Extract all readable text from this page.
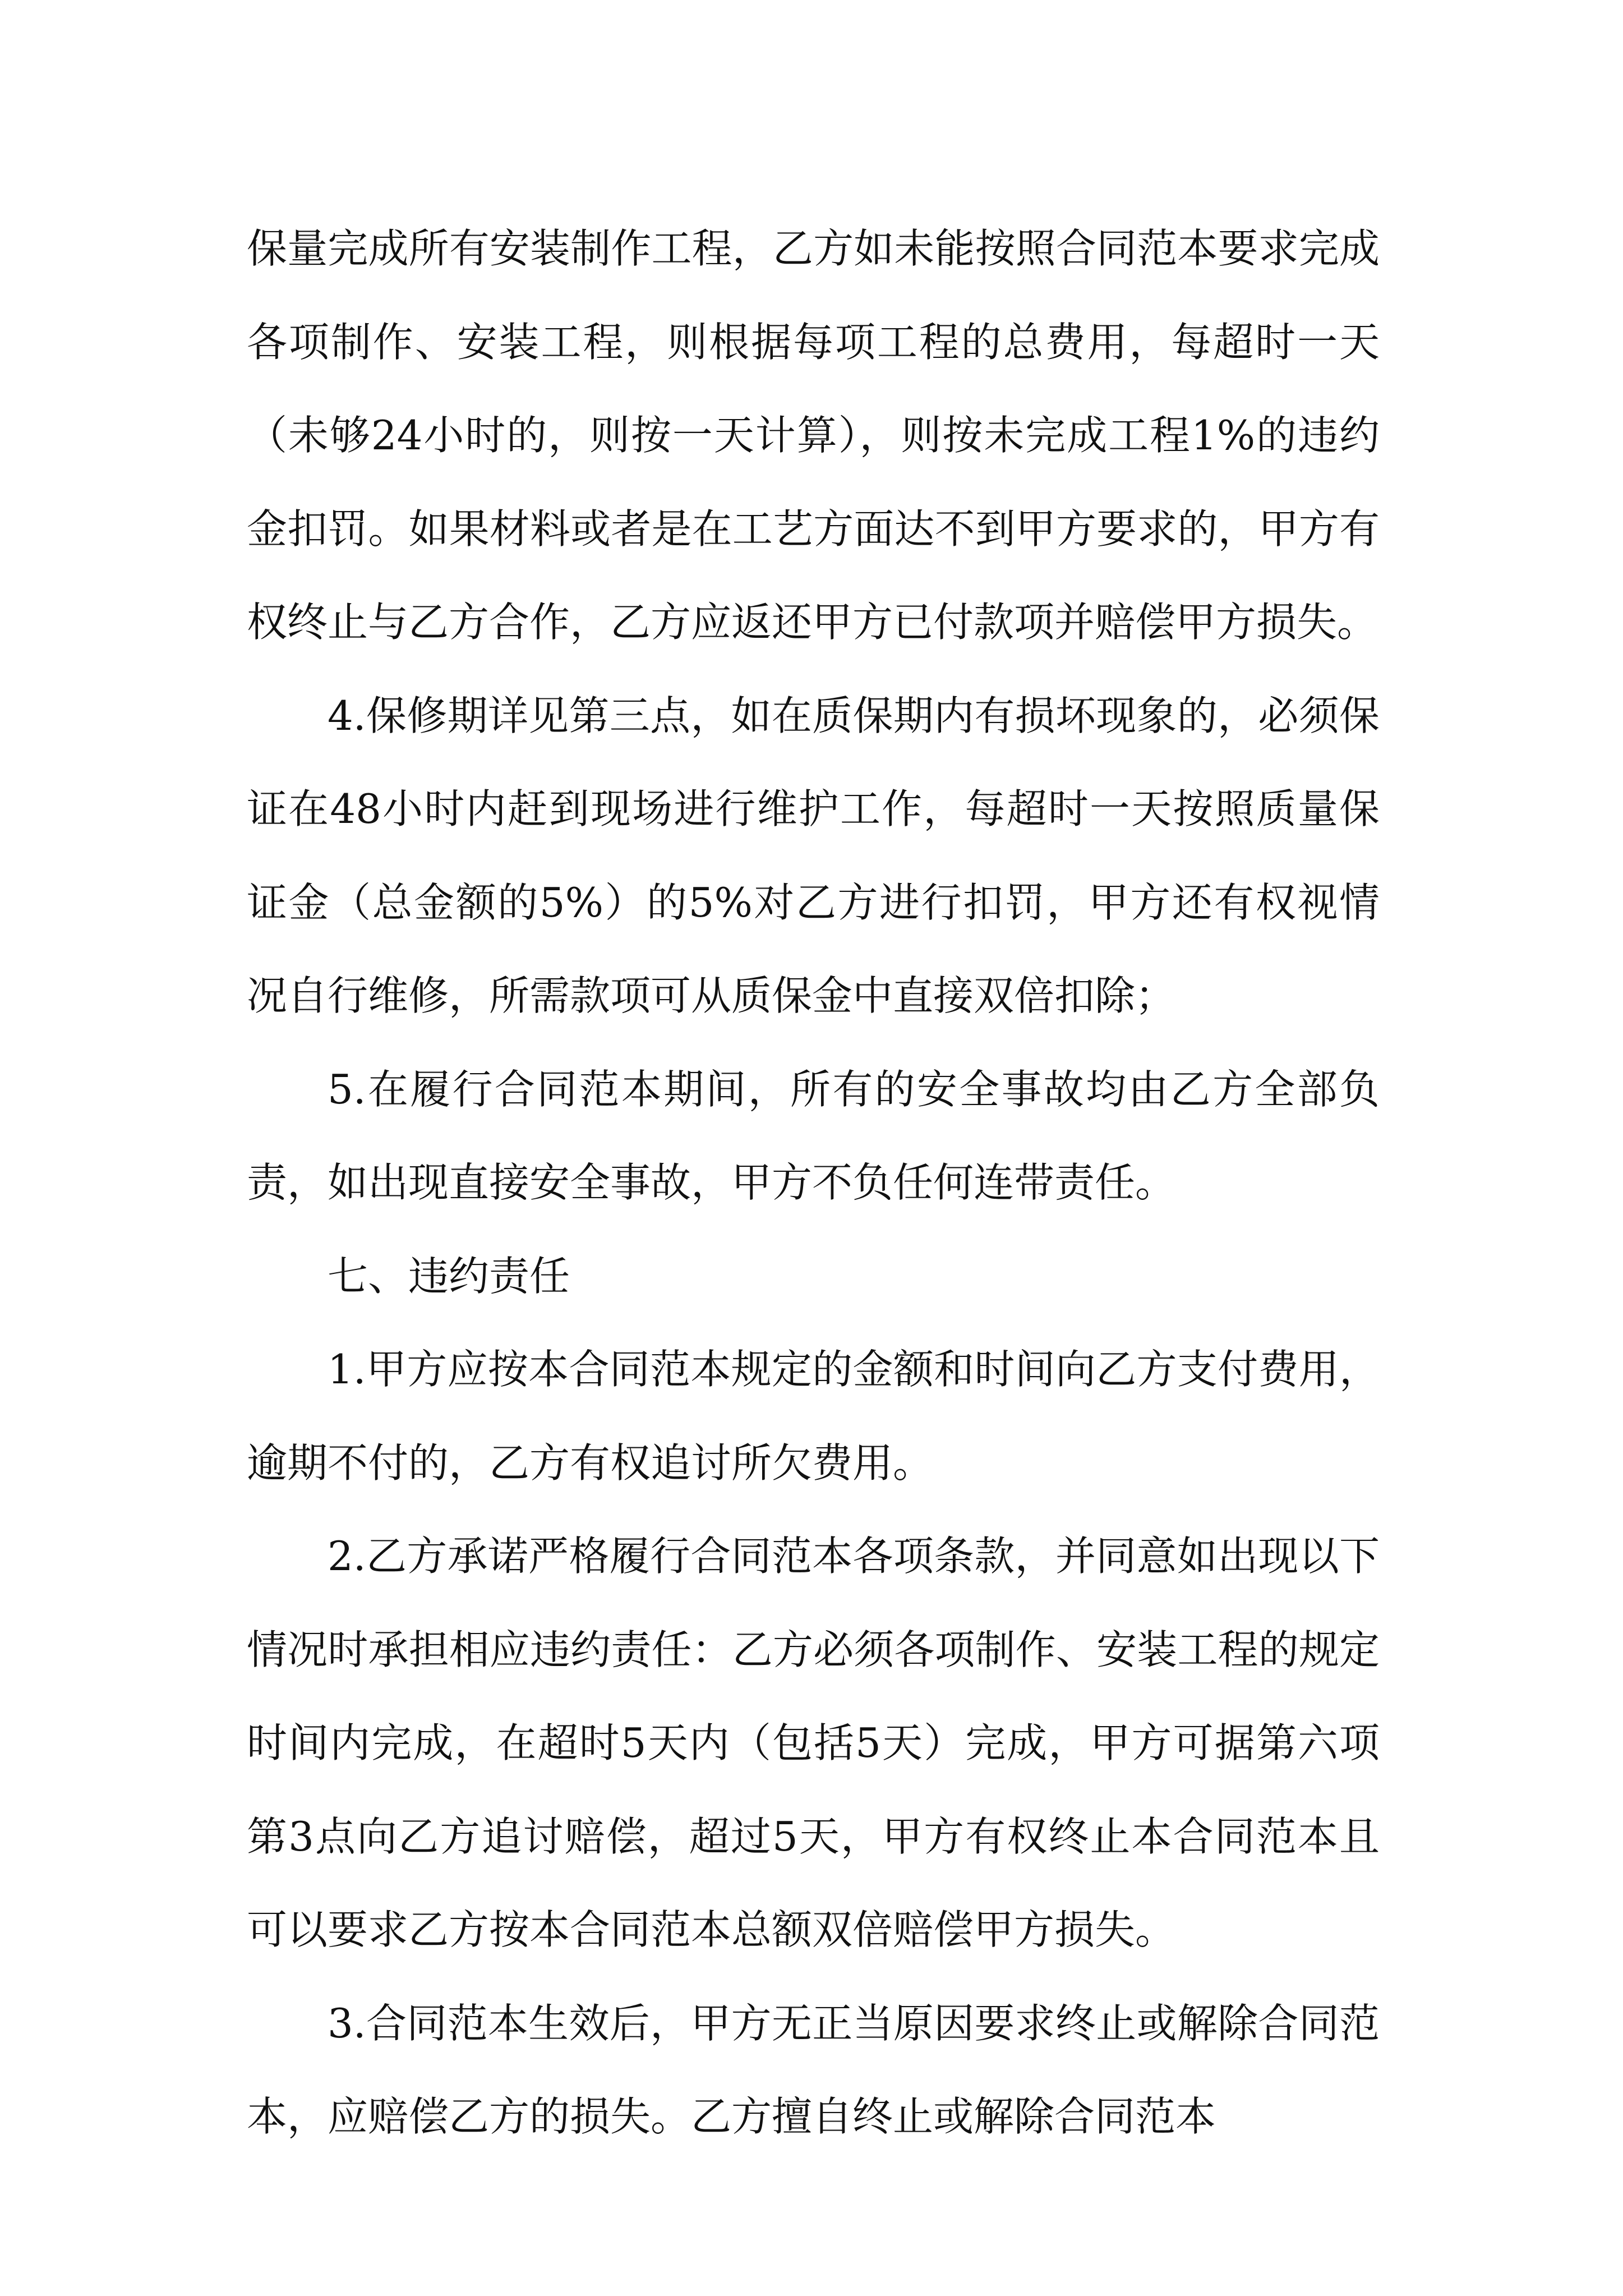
保量完成所有安装制作工程，乙方如未能按照合同范本要求完成各项制作、安装工程，则根据每项工程的总费用，每超时一天（未够24小时的，则按一天计算），则按未完成工程1%的违约金扣罚。如果材料或者是在工艺方面达不到甲方要求的，甲方有权终止与乙方合作，乙方应返还甲方已付款项并赔偿甲方损失。

4.保修期详见第三点，如在质保期内有损坏现象的，必须保证在48小时内赶到现场进行维护工作，每超时一天按照质量保证金（总金额的5%）的5%对乙方进行扣罚，甲方还有权视情况自行维修，所需款项可从质保金中直接双倍扣除；

5.在履行合同范本期间，所有的安全事故均由乙方全部负责，如出现直接安全事故，甲方不负任何连带责任。

七、违约责任

1.甲方应按本合同范本规定的金额和时间向乙方支付费用，逾期不付的，乙方有权追讨所欠费用。

2.乙方承诺严格履行合同范本各项条款，并同意如出现以下情况时承担相应违约责任：乙方必须各项制作、安装工程的规定时间内完成，在超时5天内（包括5天）完成，甲方可据第六项第3点向乙方追讨赔偿，超过5天，甲方有权终止本合同范本且可以要求乙方按本合同范本总额双倍赔偿甲方损失。

3.合同范本生效后，甲方无正当原因要求终止或解除合同范本，应赔偿乙方的损失。乙方擅自终止或解除合同范本
